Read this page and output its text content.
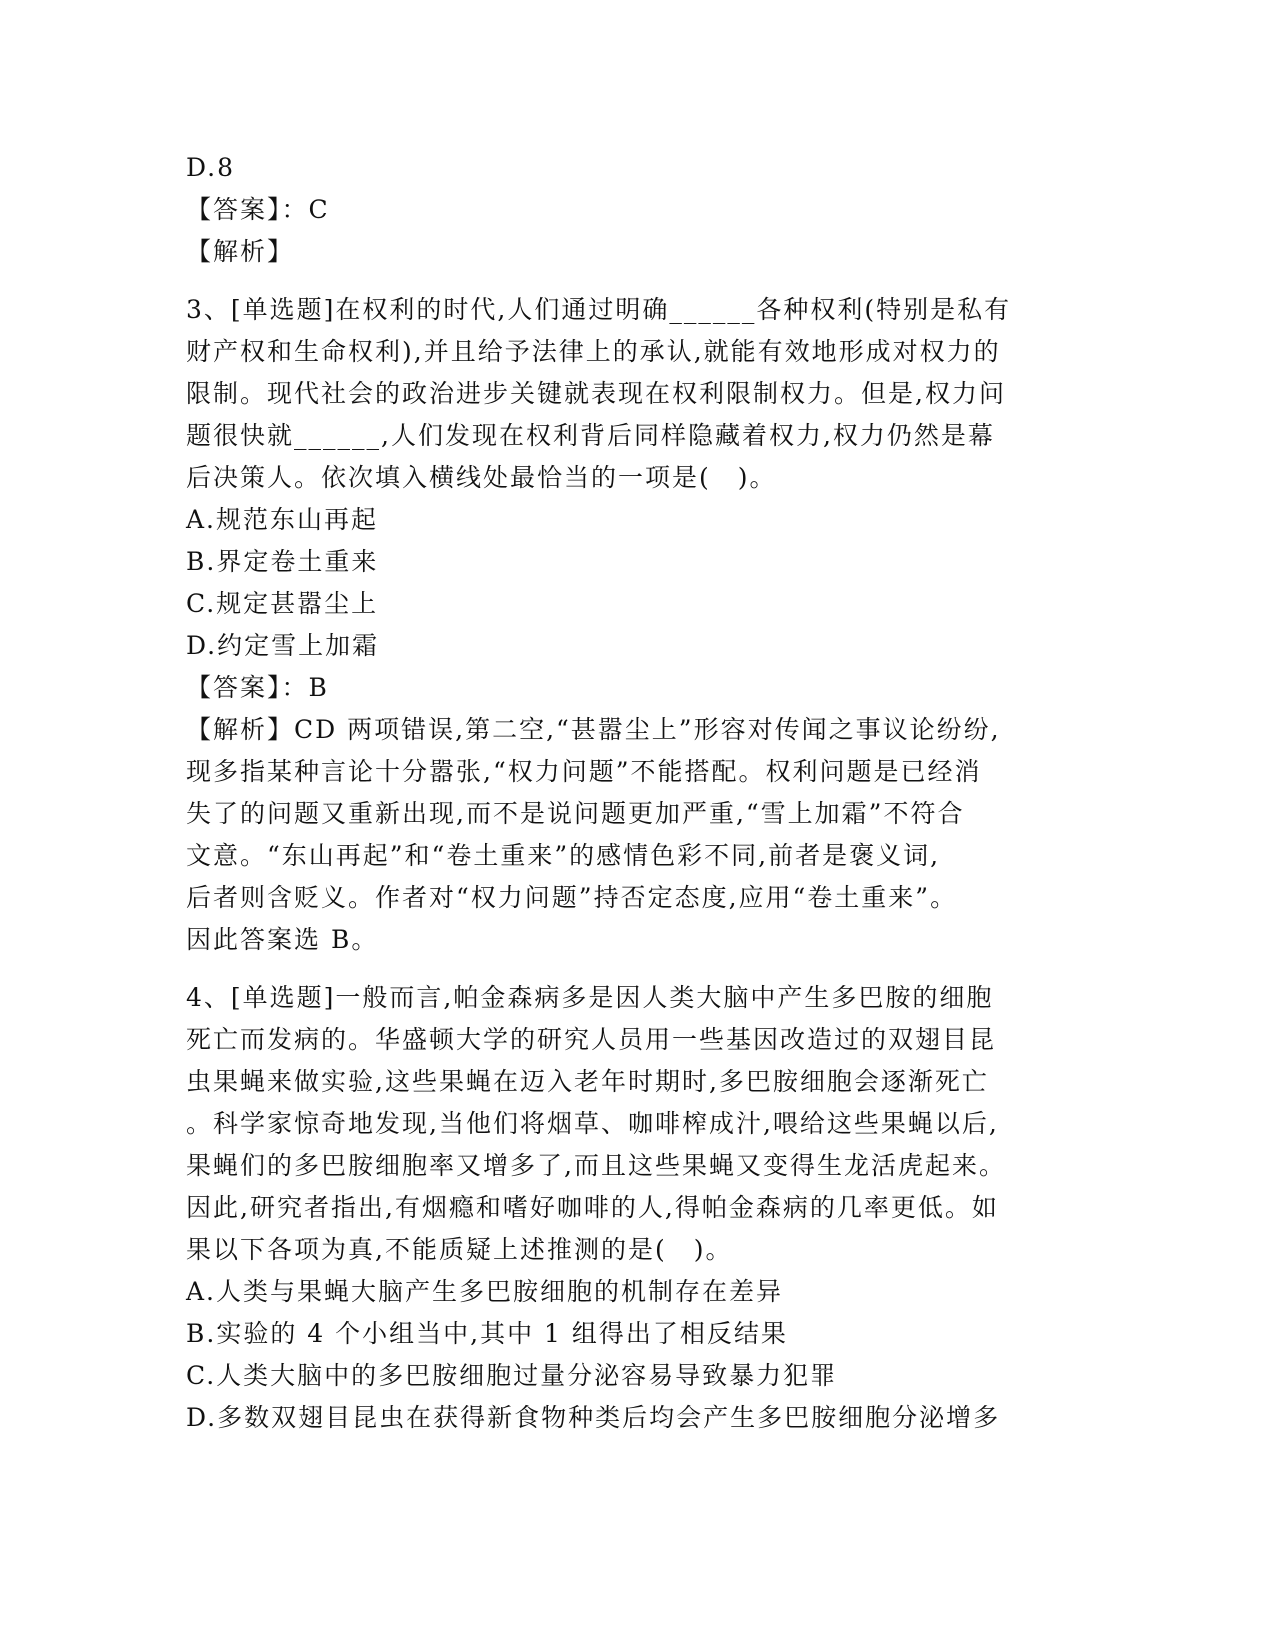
D.8
【答案】：C
【解析】
3、[单选题]在权利的时代,人们通过明确______各种权利(特别是私有
财产权和生命权利),并且给予法律上的承认,就能有效地形成对权力的
限制。现代社会的政治进步关键就表现在权利限制权力。但是,权力问
题很快就______,人们发现在权利背后同样隐藏着权力,权力仍然是幕
后决策人。依次填入横线处最恰当的一项是(　)。
A.规范东山再起
B.界定卷土重来
C.规定甚嚣尘上
D.约定雪上加霜
【答案】：B
【解析】CD 两项错误,第二空,“甚嚣尘上”形容对传闻之事议论纷纷,
现多指某种言论十分嚣张,“权力问题”不能搭配。权利问题是已经消
失了的问题又重新出现,而不是说问题更加严重,“雪上加霜”不符合
文意。“东山再起”和“卷土重来”的感情色彩不同,前者是褒义词,
后者则含贬义。作者对“权力问题”持否定态度,应用“卷土重来”。
因此答案选 B。
4、[单选题]一般而言,帕金森病多是因人类大脑中产生多巴胺的细胞
死亡而发病的。华盛顿大学的研究人员用一些基因改造过的双翅目昆
虫果蝇来做实验,这些果蝇在迈入老年时期时,多巴胺细胞会逐渐死亡
。科学家惊奇地发现,当他们将烟草、咖啡榨成汁,喂给这些果蝇以后,
果蝇们的多巴胺细胞率又增多了,而且这些果蝇又变得生龙活虎起来。
因此,研究者指出,有烟瘾和嗜好咖啡的人,得帕金森病的几率更低。如
果以下各项为真,不能质疑上述推测的是(　)。
A.人类与果蝇大脑产生多巴胺细胞的机制存在差异
B.实验的 4 个小组当中,其中 1 组得出了相反结果
C.人类大脑中的多巴胺细胞过量分泌容易导致暴力犯罪
D.多数双翅目昆虫在获得新食物种类后均会产生多巴胺细胞分泌增多
